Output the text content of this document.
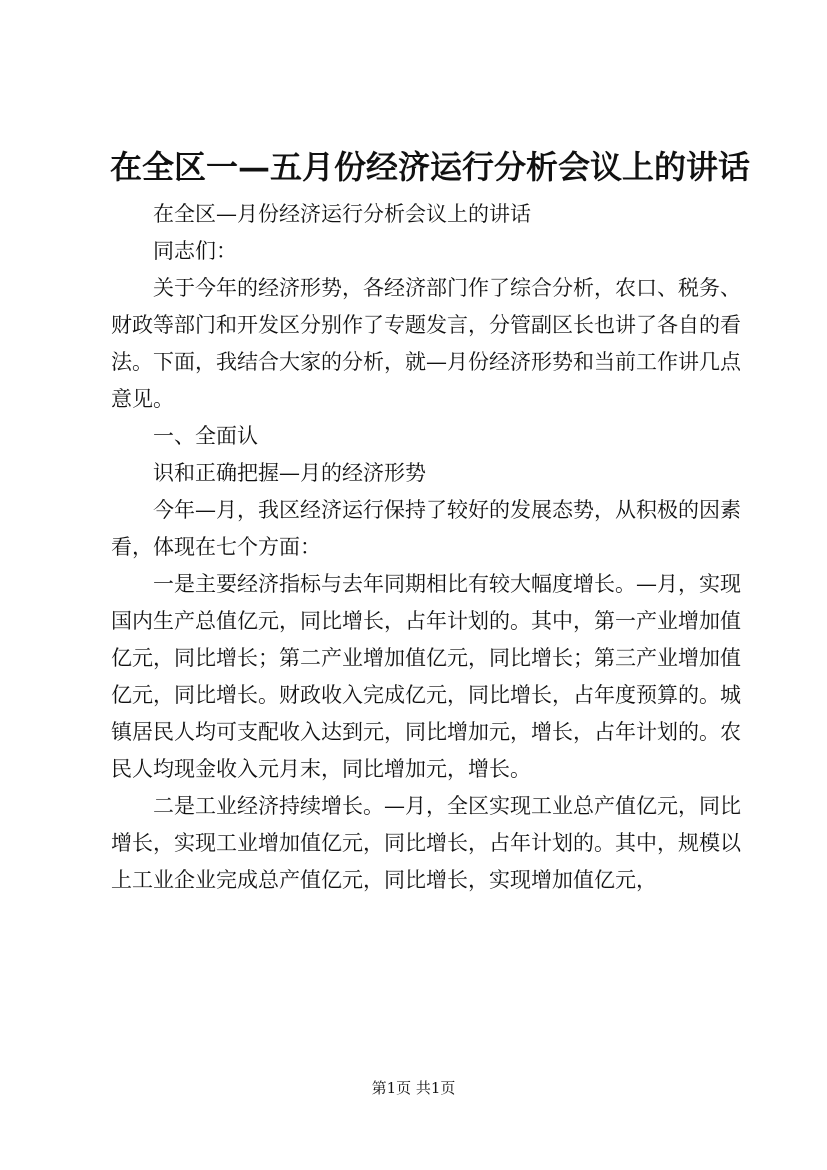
在全区一—五月份经济运行分析会议上的讲话

在全区—月份经济运行分析会议上的讲话

同志们：

关于今年的经济形势，各经济部门作了综合分析，农口、税务、财政等部门和开发区分别作了专题发言，分管副区长也讲了各自的看法。下面，我结合大家的分析，就—月份经济形势和当前工作讲几点意见。

一、全面认

识和正确把握—月的经济形势

今年—月，我区经济运行保持了较好的发展态势，从积极的因素看，体现在七个方面：

一是主要经济指标与去年同期相比有较大幅度增长。—月，实现国内生产总值亿元，同比增长，占年计划的。其中，第一产业增加值亿元，同比增长；第二产业增加值亿元，同比增长；第三产业增加值亿元，同比增长。财政收入完成亿元，同比增长，占年度预算的。城镇居民人均可支配收入达到元，同比增加元，增长，占年计划的。农民人均现金收入元月末，同比增加元，增长。

二是工业经济持续增长。—月，全区实现工业总产值亿元，同比增长，实现工业增加值亿元，同比增长，占年计划的。其中，规模以上工业企业完成总产值亿元，同比增长，实现增加值亿元，

第1页 共1页
